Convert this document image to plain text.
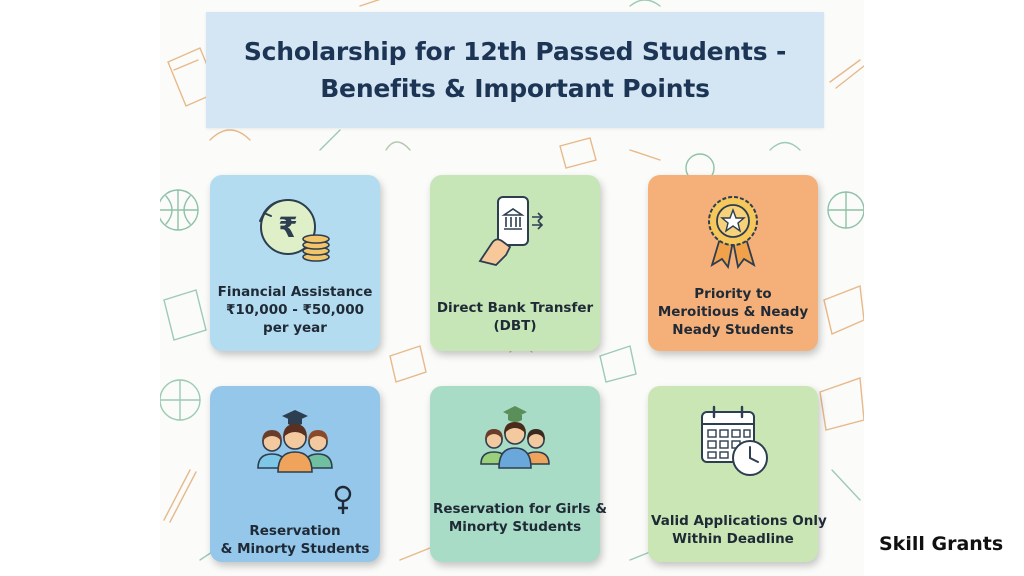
Scholarship for 12th Passed Students -
Benefits & Important Points
₹
Financial Assistance
₹10,000 - ₹50,000
per year
Direct Bank Transfer
(DBT)
Priority to
Meroitious & Neady
Neady Students
Reservation
& Minorty Students
Reservation for Girls &
Minorty Students	Valid Applications Only
Within Deadline	Skill Grants
